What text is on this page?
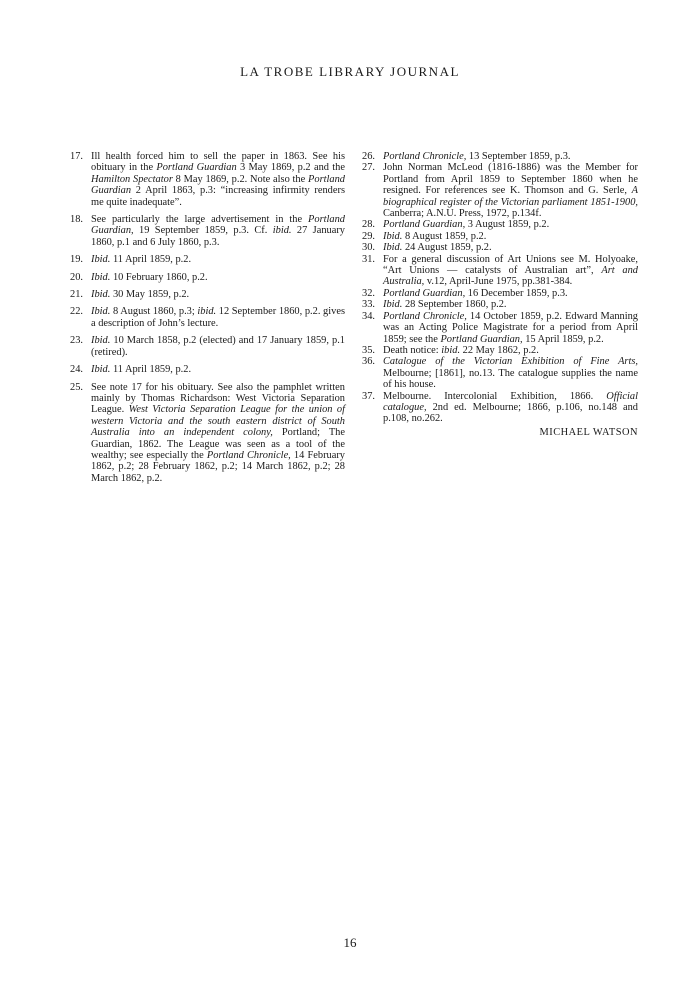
LA TROBE LIBRARY JOURNAL
17. Ill health forced him to sell the paper in 1863. See his obituary in the Portland Guardian 3 May 1869, p.2 and the Hamilton Spectator 8 May 1869, p.2. Note also the Portland Guardian 2 April 1863, p.3: “increasing infirmity renders me quite inadequate”.
18. See particularly the large advertisement in the Portland Guardian, 19 September 1859, p.3. Cf. ibid. 27 January 1860, p.1 and 6 July 1860, p.3.
19. Ibid. 11 April 1859, p.2.
20. Ibid. 10 February 1860, p.2.
21. Ibid. 30 May 1859, p.2.
22. Ibid. 8 August 1860, p.3; ibid. 12 September 1860, p.2. gives a description of John’s lecture.
23. Ibid. 10 March 1858, p.2 (elected) and 17 January 1859, p.1 (retired).
24. Ibid. 11 April 1859, p.2.
25. See note 17 for his obituary. See also the pamphlet written mainly by Thomas Richardson: West Victoria Separation League. West Victoria Separation League for the union of western Victoria and the south eastern district of South Australia into an independent colony, Portland; The Guardian, 1862. The League was seen as a tool of the wealthy; see especially the Portland Chronicle, 14 February 1862, p.2; 28 February 1862, p.2; 14 March 1862, p.2; 28 March 1862, p.2.
26. Portland Chronicle, 13 September 1859, p.3.
27. John Norman McLeod (1816-1886) was the Member for Portland from April 1859 to September 1860 when he resigned. For references see K. Thomson and G. Serle, A biographical register of the Victorian parliament 1851-1900, Canberra; A.N.U. Press, 1972, p.134f.
28. Portland Guardian, 3 August 1859, p.2.
29. Ibid. 8 August 1859, p.2.
30. Ibid. 24 August 1859, p.2.
31. For a general discussion of Art Unions see M. Holyoake, “Art Unions — catalysts of Australian art”, Art and Australia, v.12, April-June 1975, pp.381-384.
32. Portland Guardian, 16 December 1859, p.3.
33. Ibid. 28 September 1860, p.2.
34. Portland Chronicle, 14 October 1859, p.2. Edward Manning was an Acting Police Magistrate for a period from April 1859; see the Portland Guardian, 15 April 1859, p.2.
35. Death notice: ibid. 22 May 1862, p.2.
36. Catalogue of the Victorian Exhibition of Fine Arts, Melbourne; [1861], no.13. The catalogue supplies the name of his house.
37. Melbourne. Intercolonial Exhibition, 1866. Official catalogue, 2nd ed. Melbourne; 1866, p.106, no.148 and p.108, no.262.
MICHAEL WATSON
16
